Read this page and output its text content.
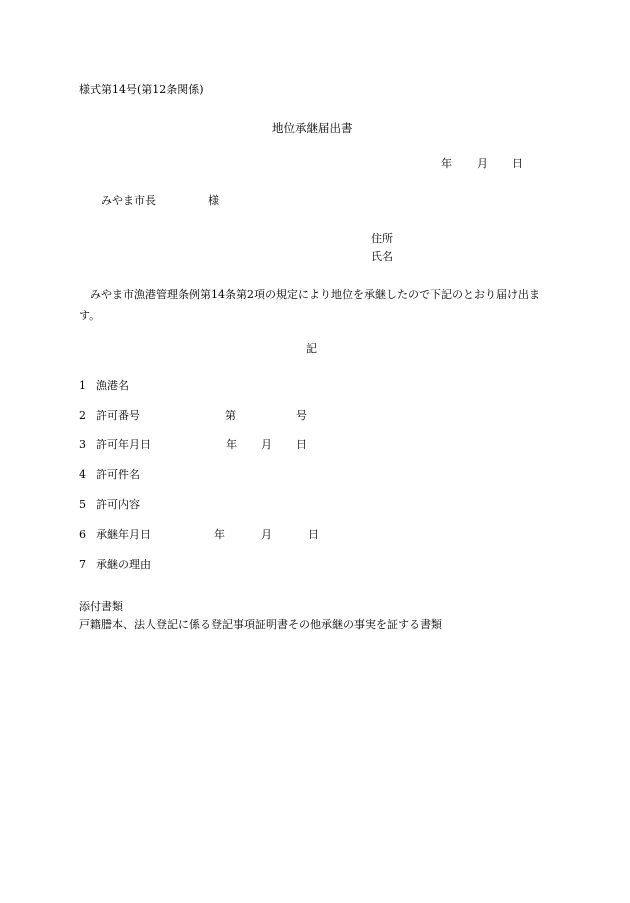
様式第14号(第12条関係)
地位承継届出書
年 月 日
みやま市長	様
住所
氏名
みやま市漁港管理条例第14条第2項の規定により地位を承継したので下記のとおり届け出ます。
記
1 漁港名
2 許可番号	第	号
3 許可年月日	年 月 日
4 許可件名
5 許可内容
6 承継年月日	年	月	日
7 承継の理由
添付書類
戸籍謄本、法人登記に係る登記事項証明書その他承継の事実を証する書類
